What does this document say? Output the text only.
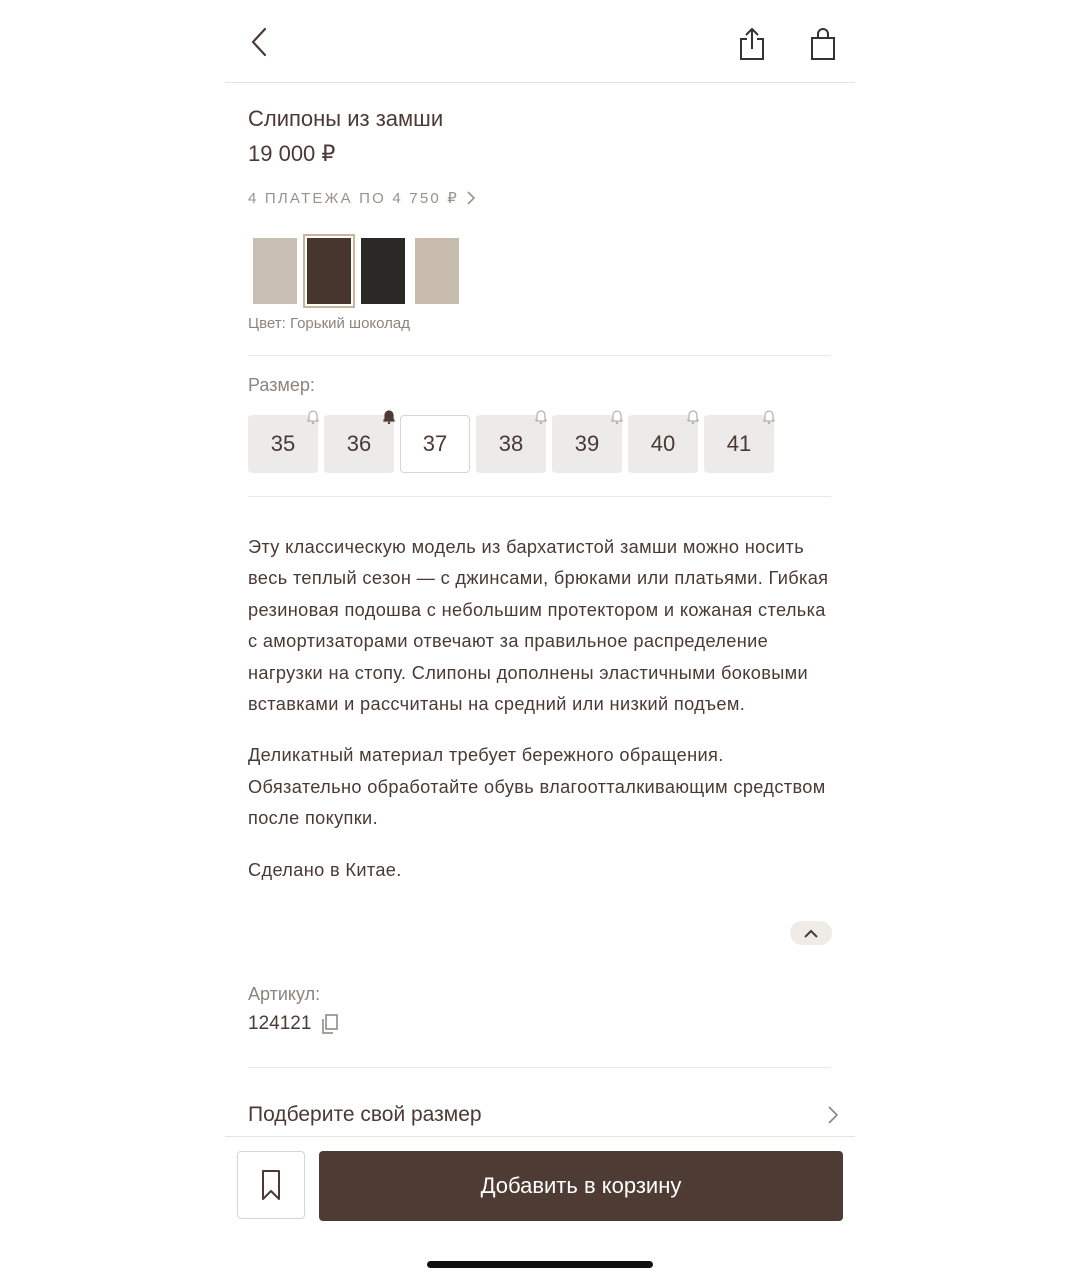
Слипоны из замши
19 000 ₽
4 ПЛАТЕЖА ПО 4 750 ₽
Цвет: Горький шоколад
Размер:
35 36 37 38 39 40 41

Эту классическую модель из бархатистой замши можно носить весь теплый сезон — с джинсами, брюками или платьями. Гибкая резиновая подошва с небольшим протектором и кожаная стелька с амортизаторами отвечают за правильное распределение нагрузки на стопу. Слипоны дополнены эластичными боковыми вставками и рассчитаны на средний или низкий подъем.

Деликатный материал требует бережного обращения. Обязательно обработайте обувь влагоотталкивающим средством после покупки.

Сделано в Китае.

Артикул:
124121
Подберите свой размер
Добавить в корзину
